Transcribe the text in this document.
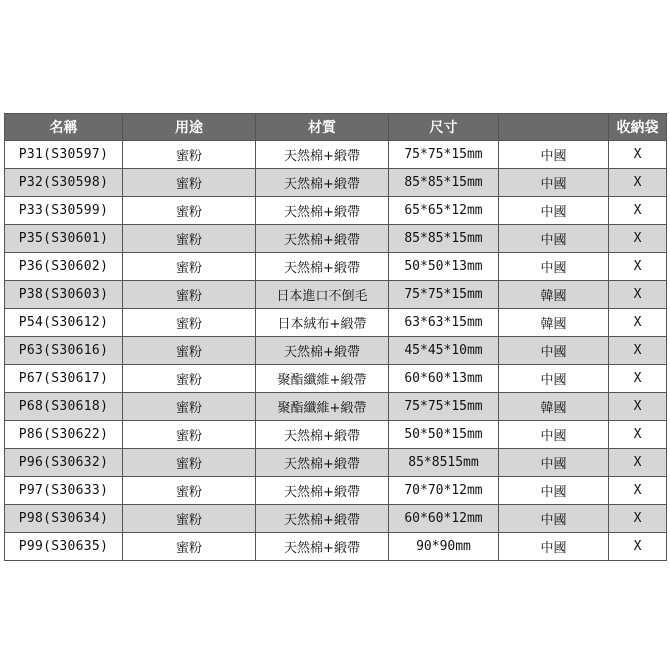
名稱	用途	材質	尺寸		收納袋
P31(S30597)	蜜粉	天然棉+緞帶	75*75*15mm	中國	X
P32(S30598)	蜜粉	天然棉+緞帶	85*85*15mm	中國	X
P33(S30599)	蜜粉	天然棉+緞帶	65*65*12mm	中國	X
P35(S30601)	蜜粉	天然棉+緞帶	85*85*15mm	中國	X
P36(S30602)	蜜粉	天然棉+緞帶	50*50*13mm	中國	X
P38(S30603)	蜜粉	日本進口不倒毛	75*75*15mm	韓國	X
P54(S30612)	蜜粉	日本絨布+緞帶	63*63*15mm	韓國	X
P63(S30616)	蜜粉	天然棉+緞帶	45*45*10mm	中國	X
P67(S30617)	蜜粉	聚酯纖維+緞帶	60*60*13mm	中國	X
P68(S30618)	蜜粉	聚酯纖維+緞帶	75*75*15mm	韓國	X
P86(S30622)	蜜粉	天然棉+緞帶	50*50*15mm	中國	X
P96(S30632)	蜜粉	天然棉+緞帶	85*8515mm	中國	X
P97(S30633)	蜜粉	天然棉+緞帶	70*70*12mm	中國	X
P98(S30634)	蜜粉	天然棉+緞帶	60*60*12mm	中國	X
P99(S30635)	蜜粉	天然棉+緞帶	90*90mm	中國	X
